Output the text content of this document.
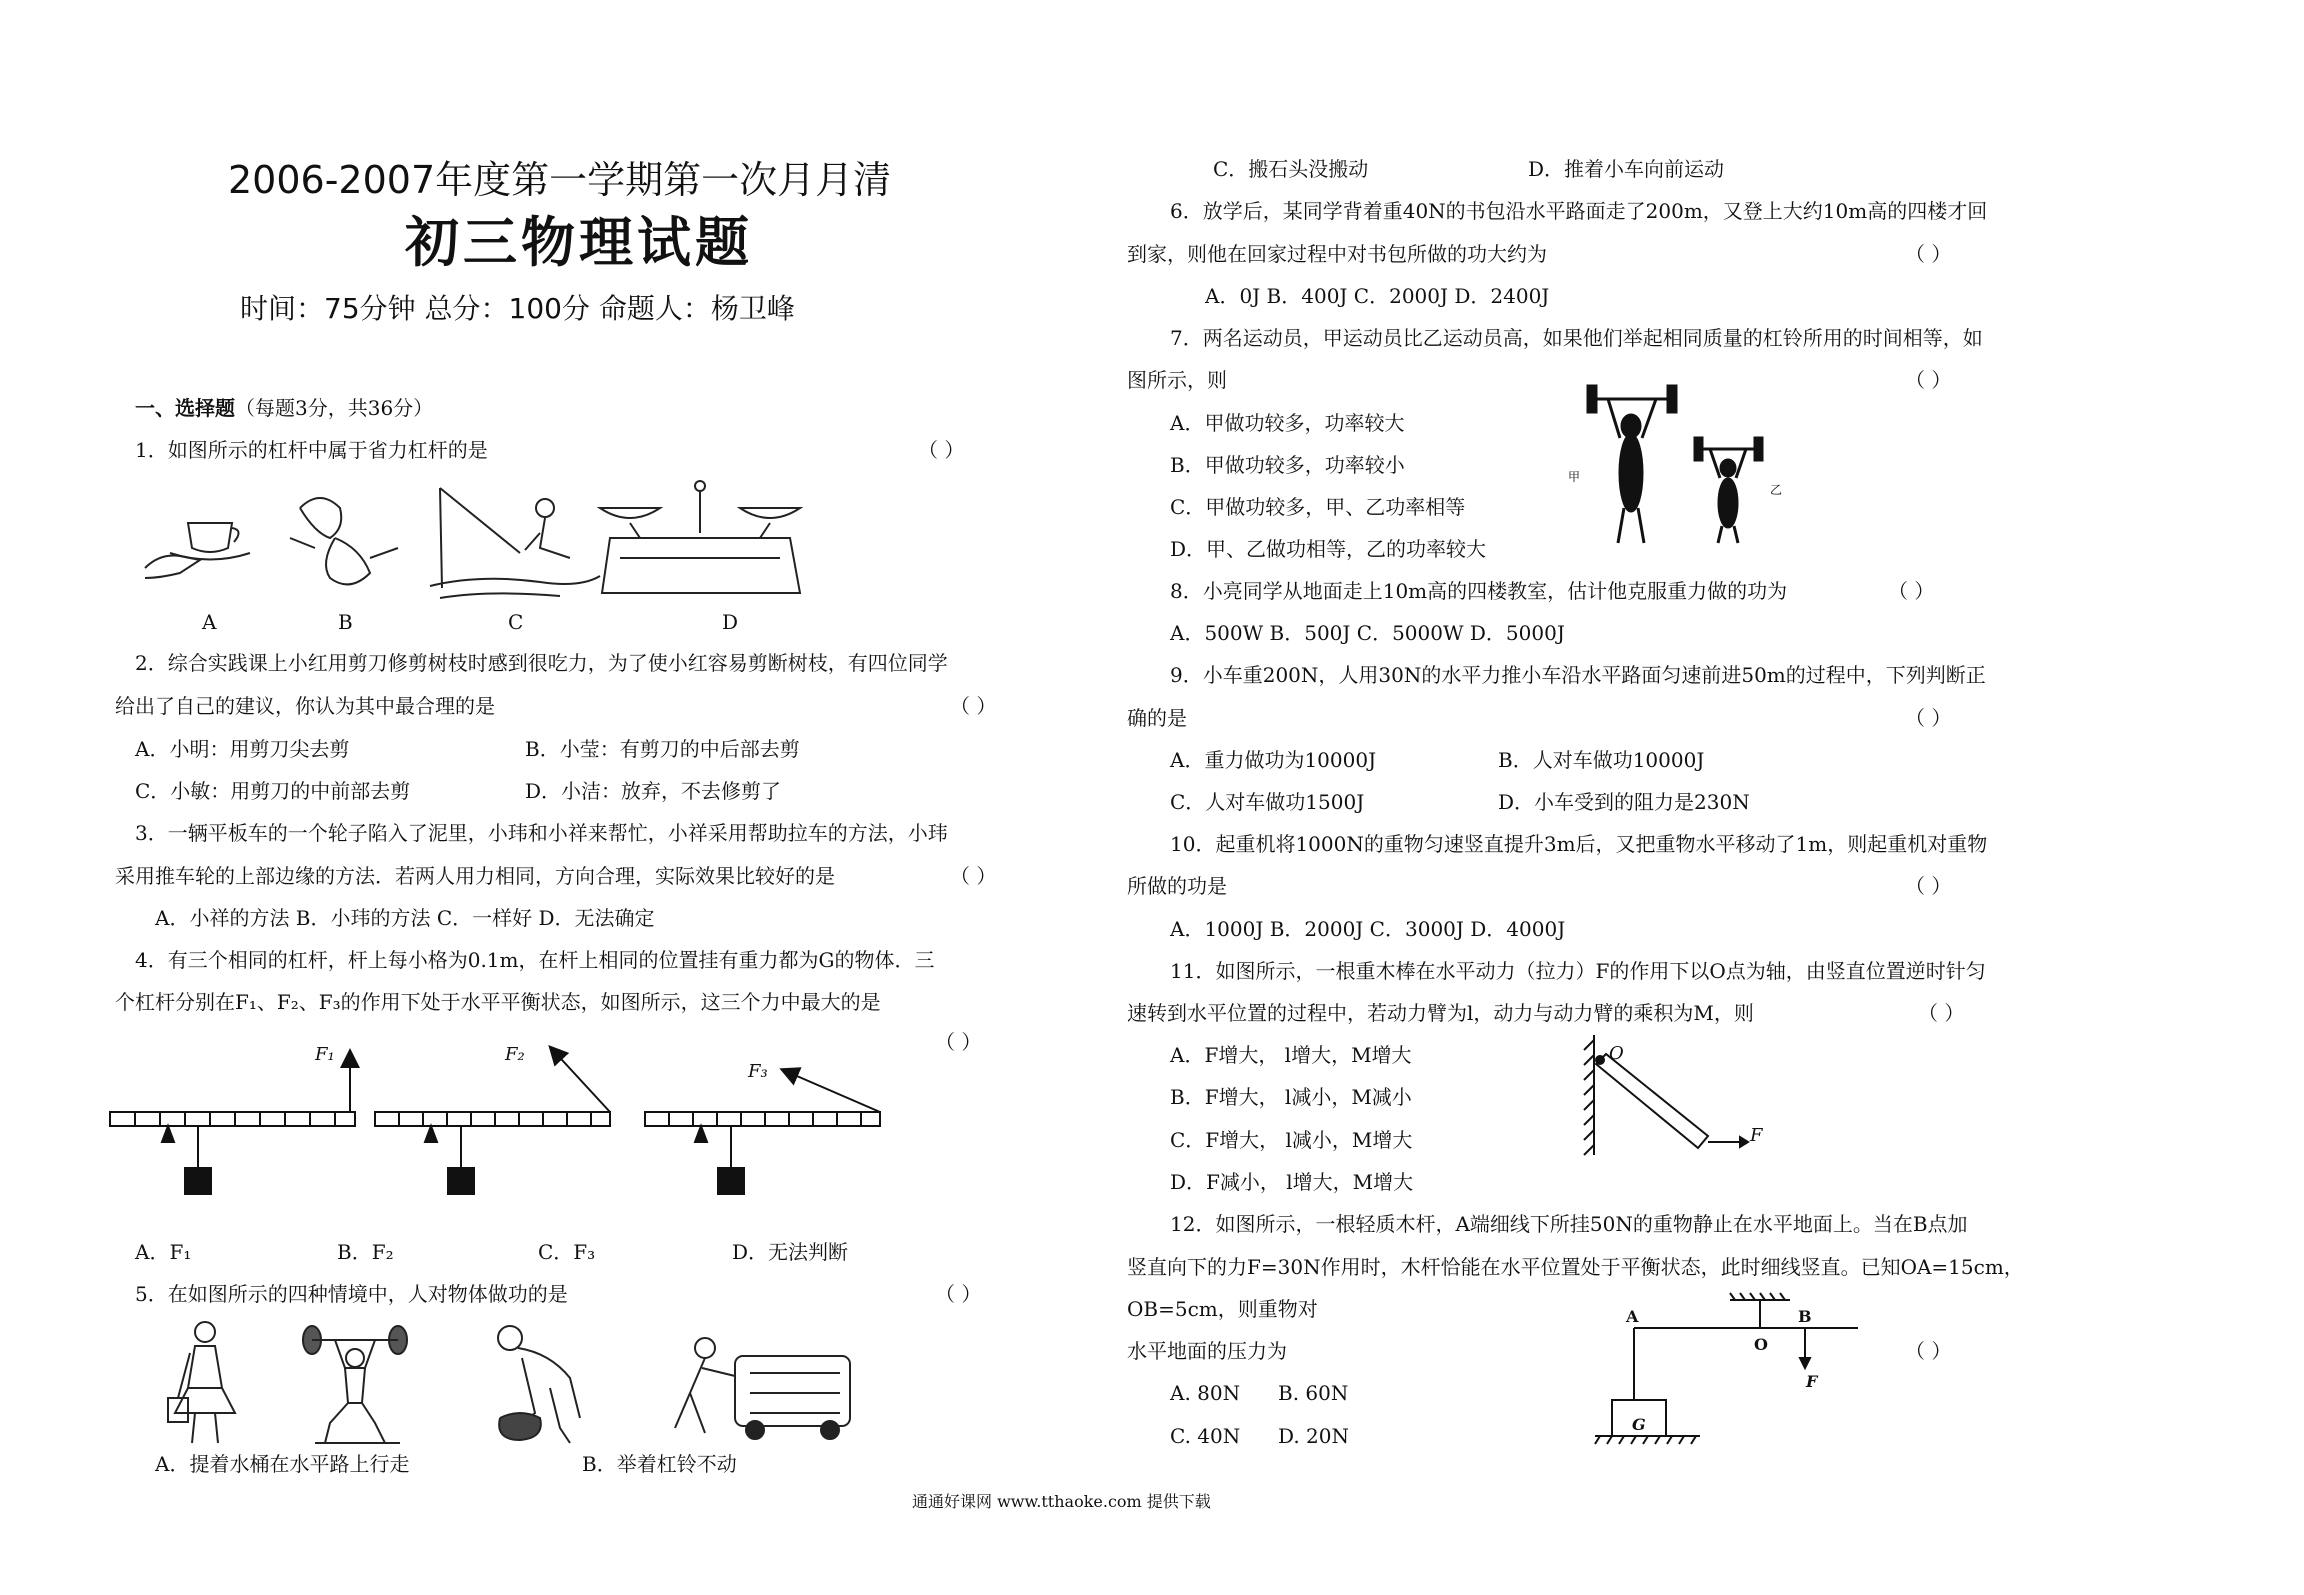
2006-2007年度第一学期第一次月月清
初三物理试题
时间：75分钟 总分：100分 命题人：杨卫峰
一、选择题（每题3分，共36分）
1．如图所示的杠杆中属于省力杠杆的是	（ ）
A	B	C	D
2．综合实践课上小红用剪刀修剪树枝时感到很吃力，为了使小红容易剪断树枝，有四位同学
给出了自己的建议，你认为其中最合理的是	（ ）
A．小明：用剪刀尖去剪	B．小莹：有剪刀的中后部去剪
C．小敏：用剪刀的中前部去剪	D．小洁：放弃，不去修剪了
3．一辆平板车的一个轮子陷入了泥里，小玮和小祥来帮忙，小祥采用帮助拉车的方法，小玮
采用推车轮的上部边缘的方法．若两人用力相同，方向合理，实际效果比较好的是	（ ）
A．小祥的方法 B．小玮的方法 C．一样好 D．无法确定
4．有三个相同的杠杆，杆上每小格为0.1m，在杆上相同的位置挂有重力都为G的物体．三
个杠杆分别在F₁、F₂、F₃的作用下处于水平平衡状态，如图所示，这三个力中最大的是
（ ）
F₁	F₂
F₃
A．F₁	B．F₂	C．F₃	D．无法判断
5．在如图所示的四种情境中，人对物体做功的是	（ ）
A．提着水桶在水平路上行走	B．举着杠铃不动
C．搬石头没搬动	D．推着小车向前运动
6．放学后，某同学背着重40N的书包沿水平路面走了200m，又登上大约10m高的四楼才回
到家，则他在回家过程中对书包所做的功大约为	（ ）
A．0J B．400J C．2000J D．2400J
7．两名运动员，甲运动员比乙运动员高，如果他们举起相同质量的杠铃所用的时间相等，如
图所示，则	（ ）
A．甲做功较多，功率较大
B．甲做功较多，功率较小
C．甲做功较多，甲、乙功率相等
D．甲、乙做功相等，乙的功率较大
甲
乙
8．小亮同学从地面走上10m高的四楼教室，估计他克服重力做的功为	（ ）
A．500W B．500J C．5000W D．5000J
9．小车重200N，人用30N的水平力推小车沿水平路面匀速前进50m的过程中，下列判断正
确的是	（ ）
A．重力做功为10000J	B．人对车做功10000J
C．人对车做功1500J	D．小车受到的阻力是230N
10．起重机将1000N的重物匀速竖直提升3m后，又把重物水平移动了1m，则起重机对重物
所做的功是	（ ）
A．1000J B．2000J C．3000J D．4000J
11．如图所示，一根重木棒在水平动力（拉力）F的作用下以O点为轴，由竖直位置逆时针匀
速转到水平位置的过程中，若动力臂为l，动力与动力臂的乘积为M，则	（ ）
A．F增大， l增大，M增大
B．F增大， l减小，M减小
C．F增大， l减小，M增大
D．F减小， l增大，M增大
O
F
12．如图所示，一根轻质木杆，A端细线下所挂50N的重物静止在水平地面上。当在B点加
竖直向下的力F=30N作用时，木杆恰能在水平位置处于平衡状态，此时细线竖直。已知OA=15cm，
OB=5cm，则重物对
水平地面的压力为	（ ）
A. 80N B. 60N
C. 40N D. 20N
A	B
O
F
G
通通好课网 www.tthaoke.com 提供下载
